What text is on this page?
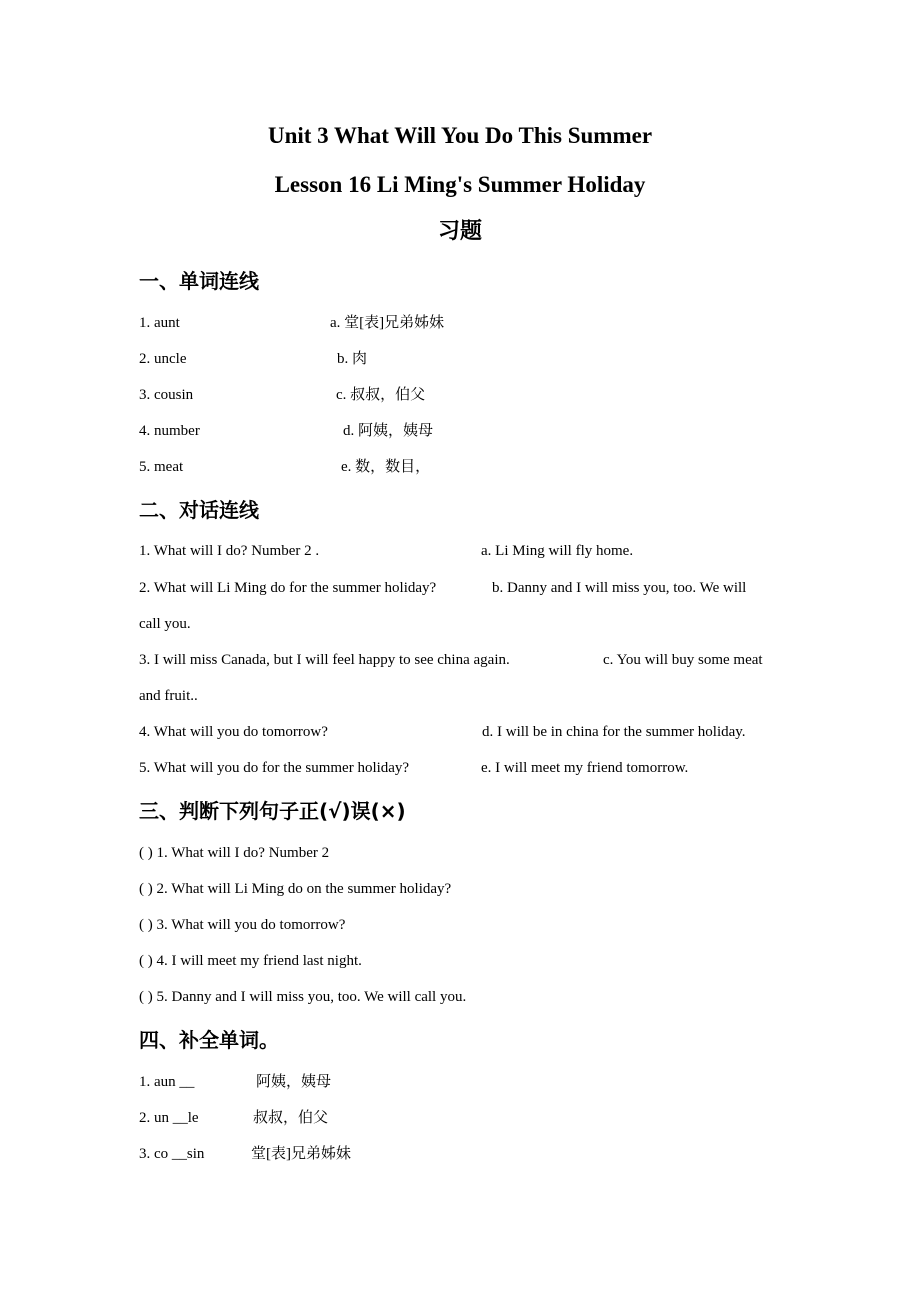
Unit 3 What Will You Do This Summer
Lesson 16 Li Ming's Summer Holiday
习题
一、单词连线
1. aunt	a. 堂[表]兄弟姊妹
2. uncle	b. 肉
3. cousin	c. 叔叔，伯父
4. number	d. 阿姨，姨母
5. meat	e. 数，数目，
二、对话连线
1. What will I do? Number 2 .	a. Li Ming will fly home.
2. What will Li Ming do for the summer holiday?	b. Danny and I will miss you, too. We will
call you.
3. I will miss Canada, but I will feel happy to see china again.	c. You will buy some meat
and fruit..
4. What will you do tomorrow?	d. I will be in china for the summer holiday.
5. What will you do for the summer holiday?	e. I will meet my friend tomorrow.
三、判断下列句子正(√)误(×)
( ) 1. What will I do? Number 2
( ) 2. What will Li Ming do on the summer holiday?
( ) 3. What will you do tomorrow?
( ) 4. I will meet my friend last night.
( ) 5. Danny and I will miss you, too. We will call you.
四、补全单词。
1. aun __	阿姨，姨母
2. un __le	叔叔，伯父
3. co __sin	堂[表]兄弟姊妹
